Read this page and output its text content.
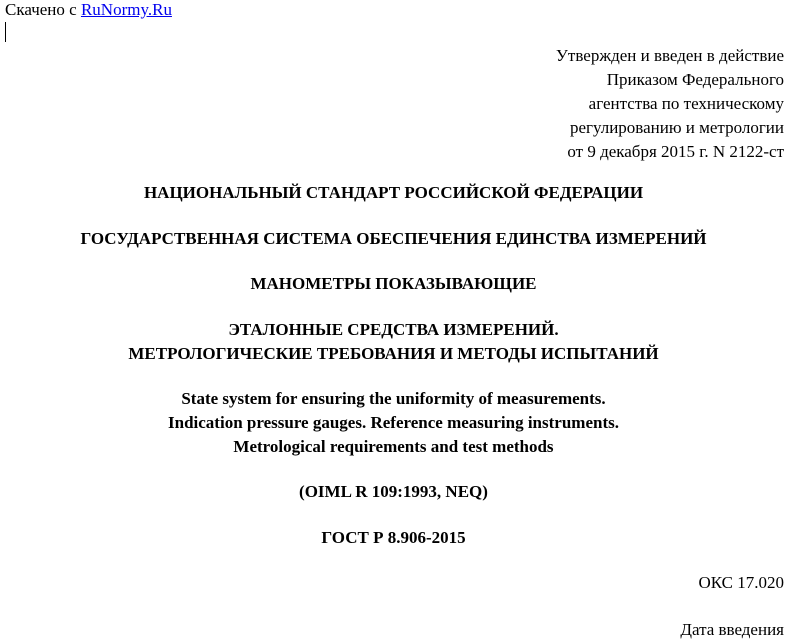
Скачено с RuNormy.Ru
Утвержден и введен в действие
Приказом Федерального
агентства по техническому
регулированию и метрологии
от 9 декабря 2015 г. N 2122-ст
НАЦИОНАЛЬНЫЙ СТАНДАРТ РОССИЙСКОЙ ФЕДЕРАЦИИ
ГОСУДАРСТВЕННАЯ СИСТЕМА ОБЕСПЕЧЕНИЯ ЕДИНСТВА ИЗМЕРЕНИЙ
МАНОМЕТРЫ ПОКАЗЫВАЮЩИЕ
ЭТАЛОННЫЕ СРЕДСТВА ИЗМЕРЕНИЙ.
МЕТРОЛОГИЧЕСКИЕ ТРЕБОВАНИЯ И МЕТОДЫ ИСПЫТАНИЙ
State system for ensuring the uniformity of measurements.
Indication pressure gauges. Reference measuring instruments.
Metrological requirements and test methods
(OIML R 109:1993, NEQ)
ГОСТ Р 8.906-2015
ОКС 17.020
Дата введения
